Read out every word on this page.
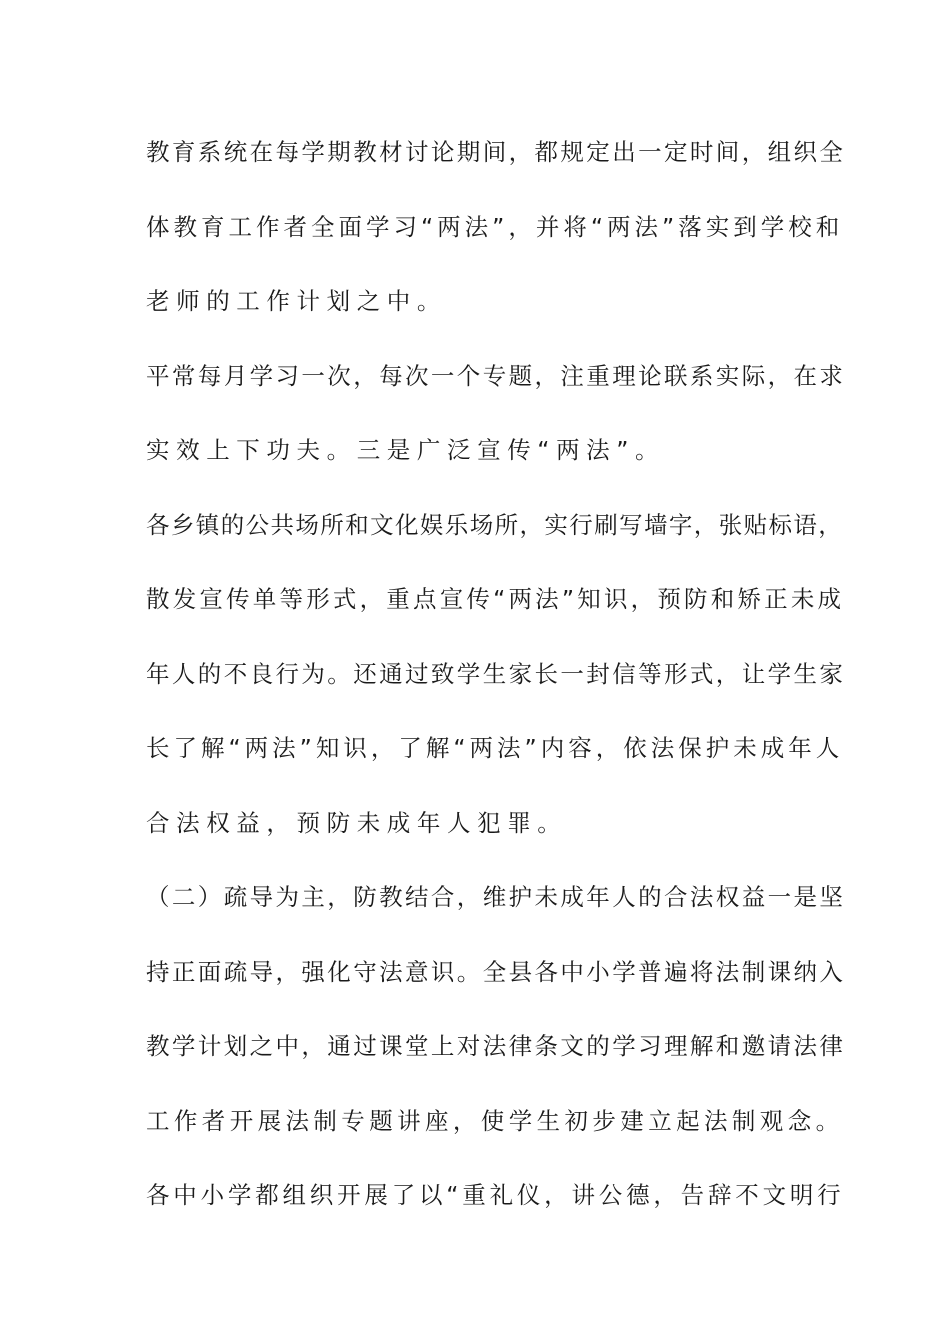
教育系统在每学期教材讨论期间，都规定出一定时间，组织全
体教育工作者全面学习“两法”，并将“两法”落实到学校和
老师的工作计划之中。
平常每月学习一次，每次一个专题，注重理论联系实际，在求
实效上下功夫。三是广泛宣传“两法”。
各乡镇的公共场所和文化娱乐场所，实行刷写墙字，张贴标语，
散发宣传单等形式，重点宣传“两法”知识，预防和矫正未成
年人的不良行为。还通过致学生家长一封信等形式，让学生家
长了解“两法”知识，了解“两法”内容，依法保护未成年人
合法权益，预防未成年人犯罪。
（二）疏导为主，防教结合，维护未成年人的合法权益一是坚
持正面疏导，强化守法意识。全县各中小学普遍将法制课纳入
教学计划之中，通过课堂上对法律条文的学习理解和邀请法律
工作者开展法制专题讲座，使学生初步建立起法制观念。
各中小学都组织开展了以“重礼仪，讲公德，告辞不文明行
